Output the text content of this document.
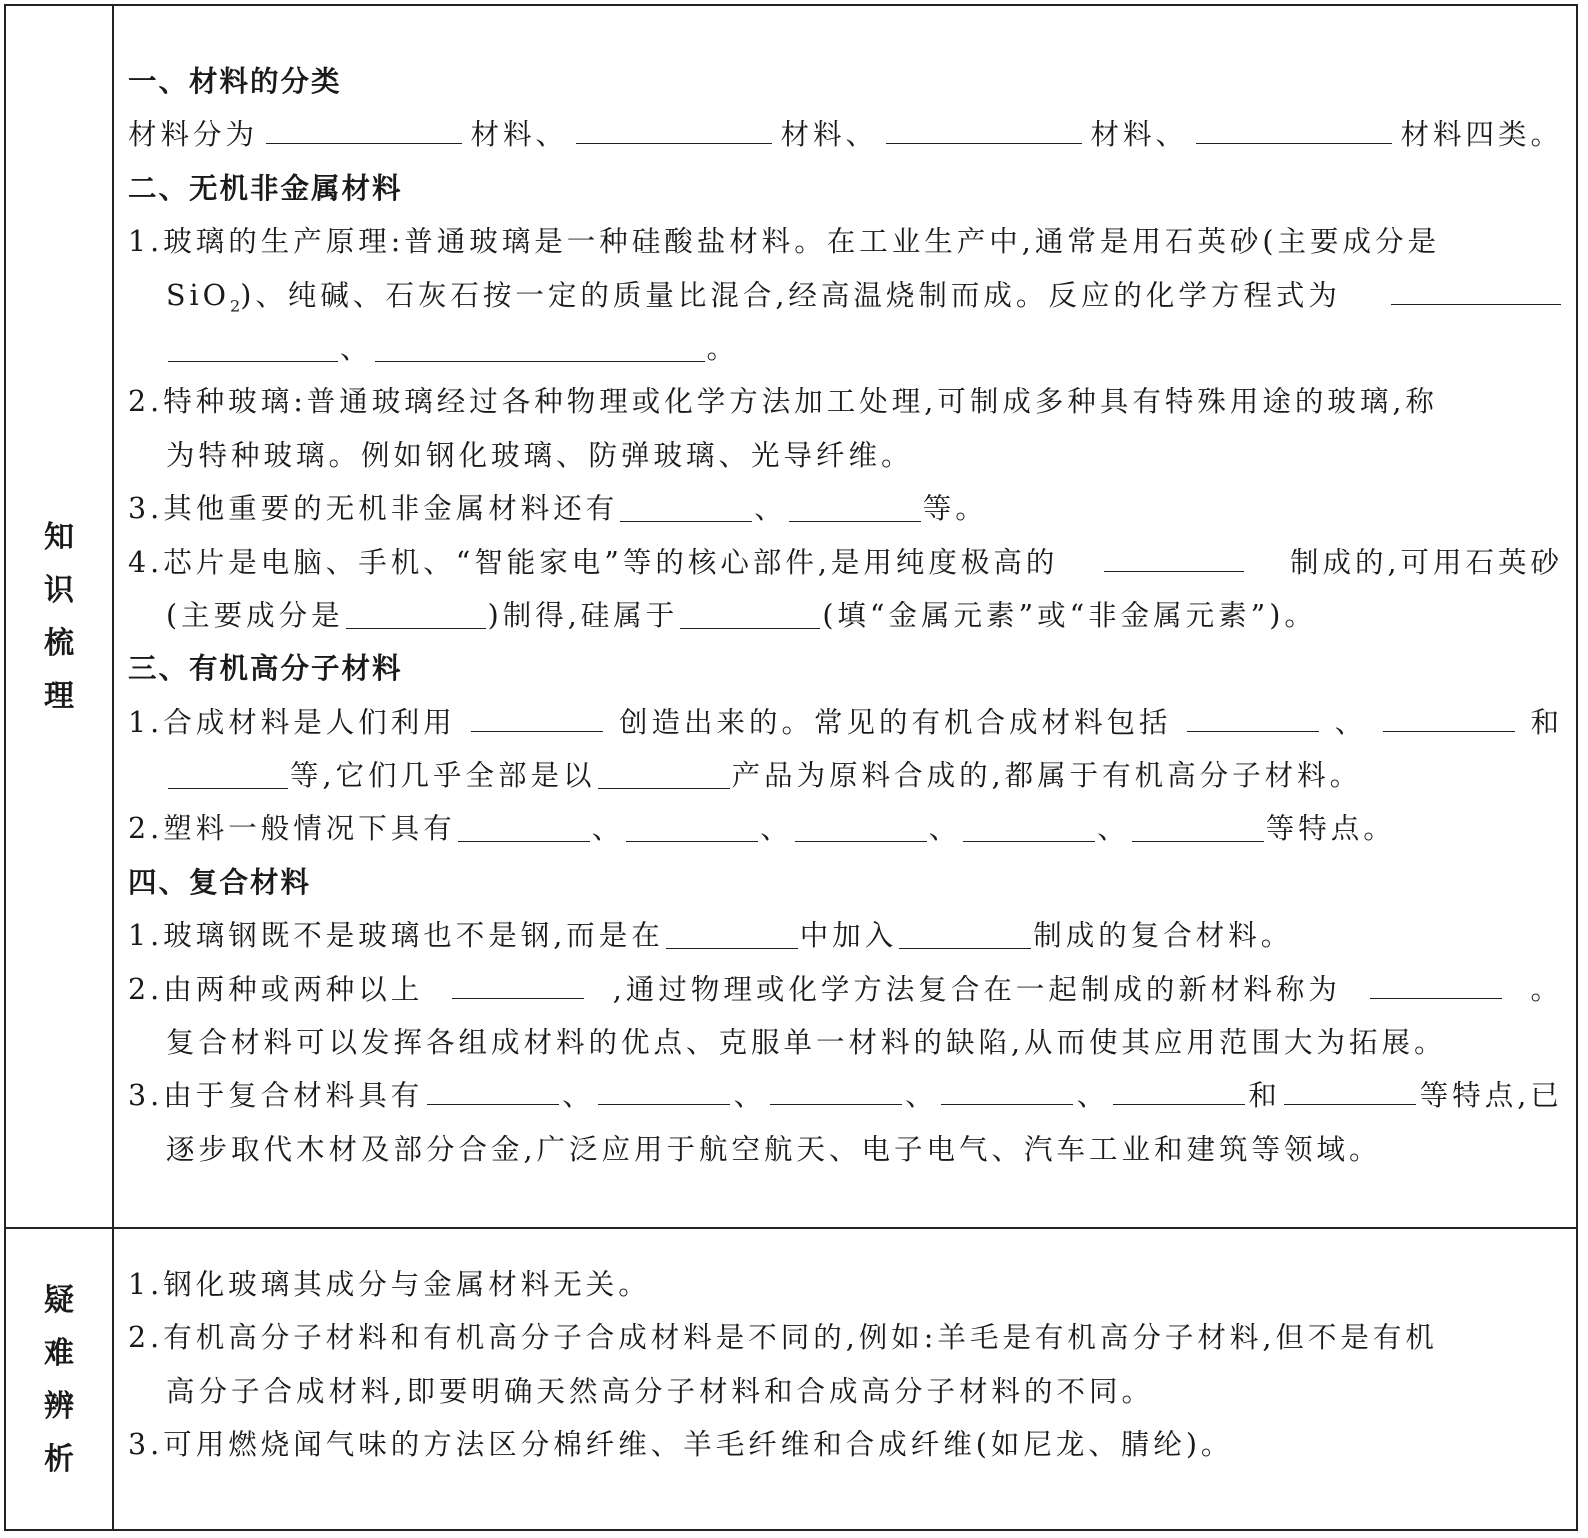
知
识
梳
理
疑
难
辨
析
一、材料的分类
材料分为	材料、	材料、	材料、	材料四类。
二、无机非金属材料
1.玻璃的生产原理:普通玻璃是一种硅酸盐材料。在工业生产中,通常是用石英砂(主要成分是
SiO$_2$)、纯碱、石灰石按一定的质量比混合,经高温烧制而成。反应的化学方程式为
、	。
2.特种玻璃:普通玻璃经过各种物理或化学方法加工处理,可制成多种具有特殊用途的玻璃,称
为特种玻璃。例如钢化玻璃、防弹玻璃、光导纤维。
3.其他重要的无机非金属材料还有	、	等。
4.芯片是电脑、手机、“智能家电”等的核心部件,是用纯度极高的	制成的,可用石英砂
(主要成分是	)制得,硅属于	(填“金属元素”或“非金属元素”)。
三、有机高分子材料
1.合成材料是人们利用	创造出来的。常见的有机合成材料包括	、	和
等,它们几乎全部是以	产品为原料合成的,都属于有机高分子材料。
2.塑料一般情况下具有	、	、	、	、	等特点。
四、复合材料
1.玻璃钢既不是玻璃也不是钢,而是在	中加入	制成的复合材料。
2.由两种或两种以上	,通过物理或化学方法复合在一起制成的新材料称为	。
复合材料可以发挥各组成材料的优点、克服单一材料的缺陷,从而使其应用范围大为拓展。
3.由于复合材料具有	、	、	、	、	和	等特点,已
逐步取代木材及部分合金,广泛应用于航空航天、电子电气、汽车工业和建筑等领域。
1.钢化玻璃其成分与金属材料无关。
2.有机高分子材料和有机高分子合成材料是不同的,例如:羊毛是有机高分子材料,但不是有机
高分子合成材料,即要明确天然高分子材料和合成高分子材料的不同。
3.可用燃烧闻气味的方法区分棉纤维、羊毛纤维和合成纤维(如尼龙、腈纶)。
